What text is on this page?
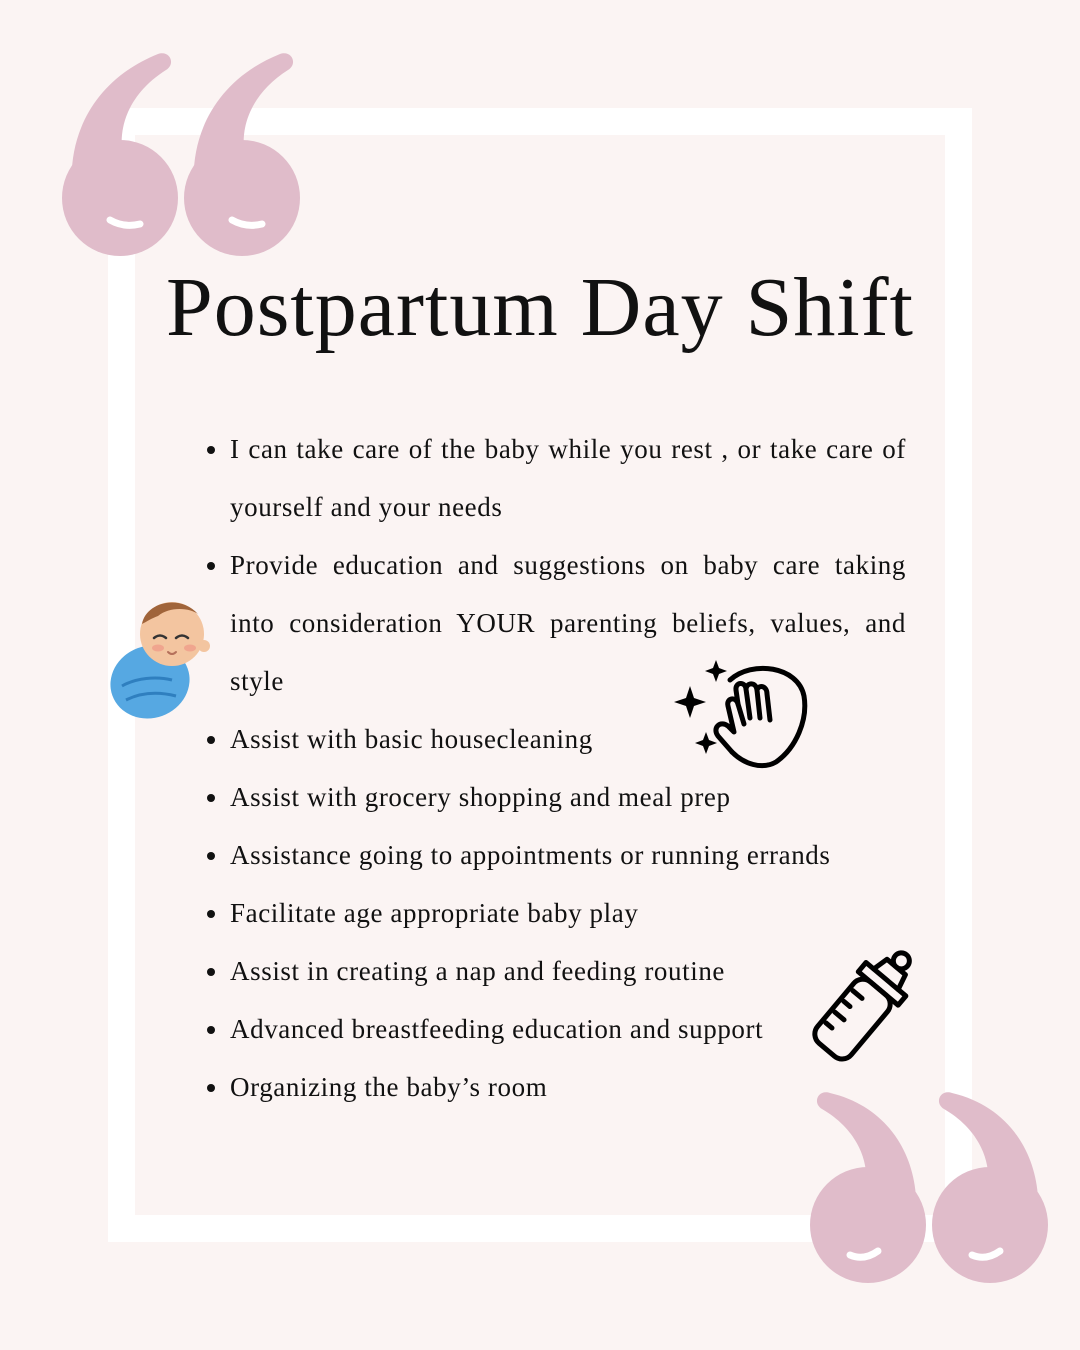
Postpartum Day Shift
• I can take care of the baby while you rest , or take care of yourself and your needs
• Provide education and suggestions on baby care taking into consideration YOUR parenting beliefs, values, and style
• Assist with basic housecleaning
• Assist with grocery shopping and meal prep
• Assistance going to appointments or running errands
• Facilitate age appropriate baby play
• Assist in creating a nap and feeding routine
• Advanced breastfeeding education and support
• Organizing the baby’s room
